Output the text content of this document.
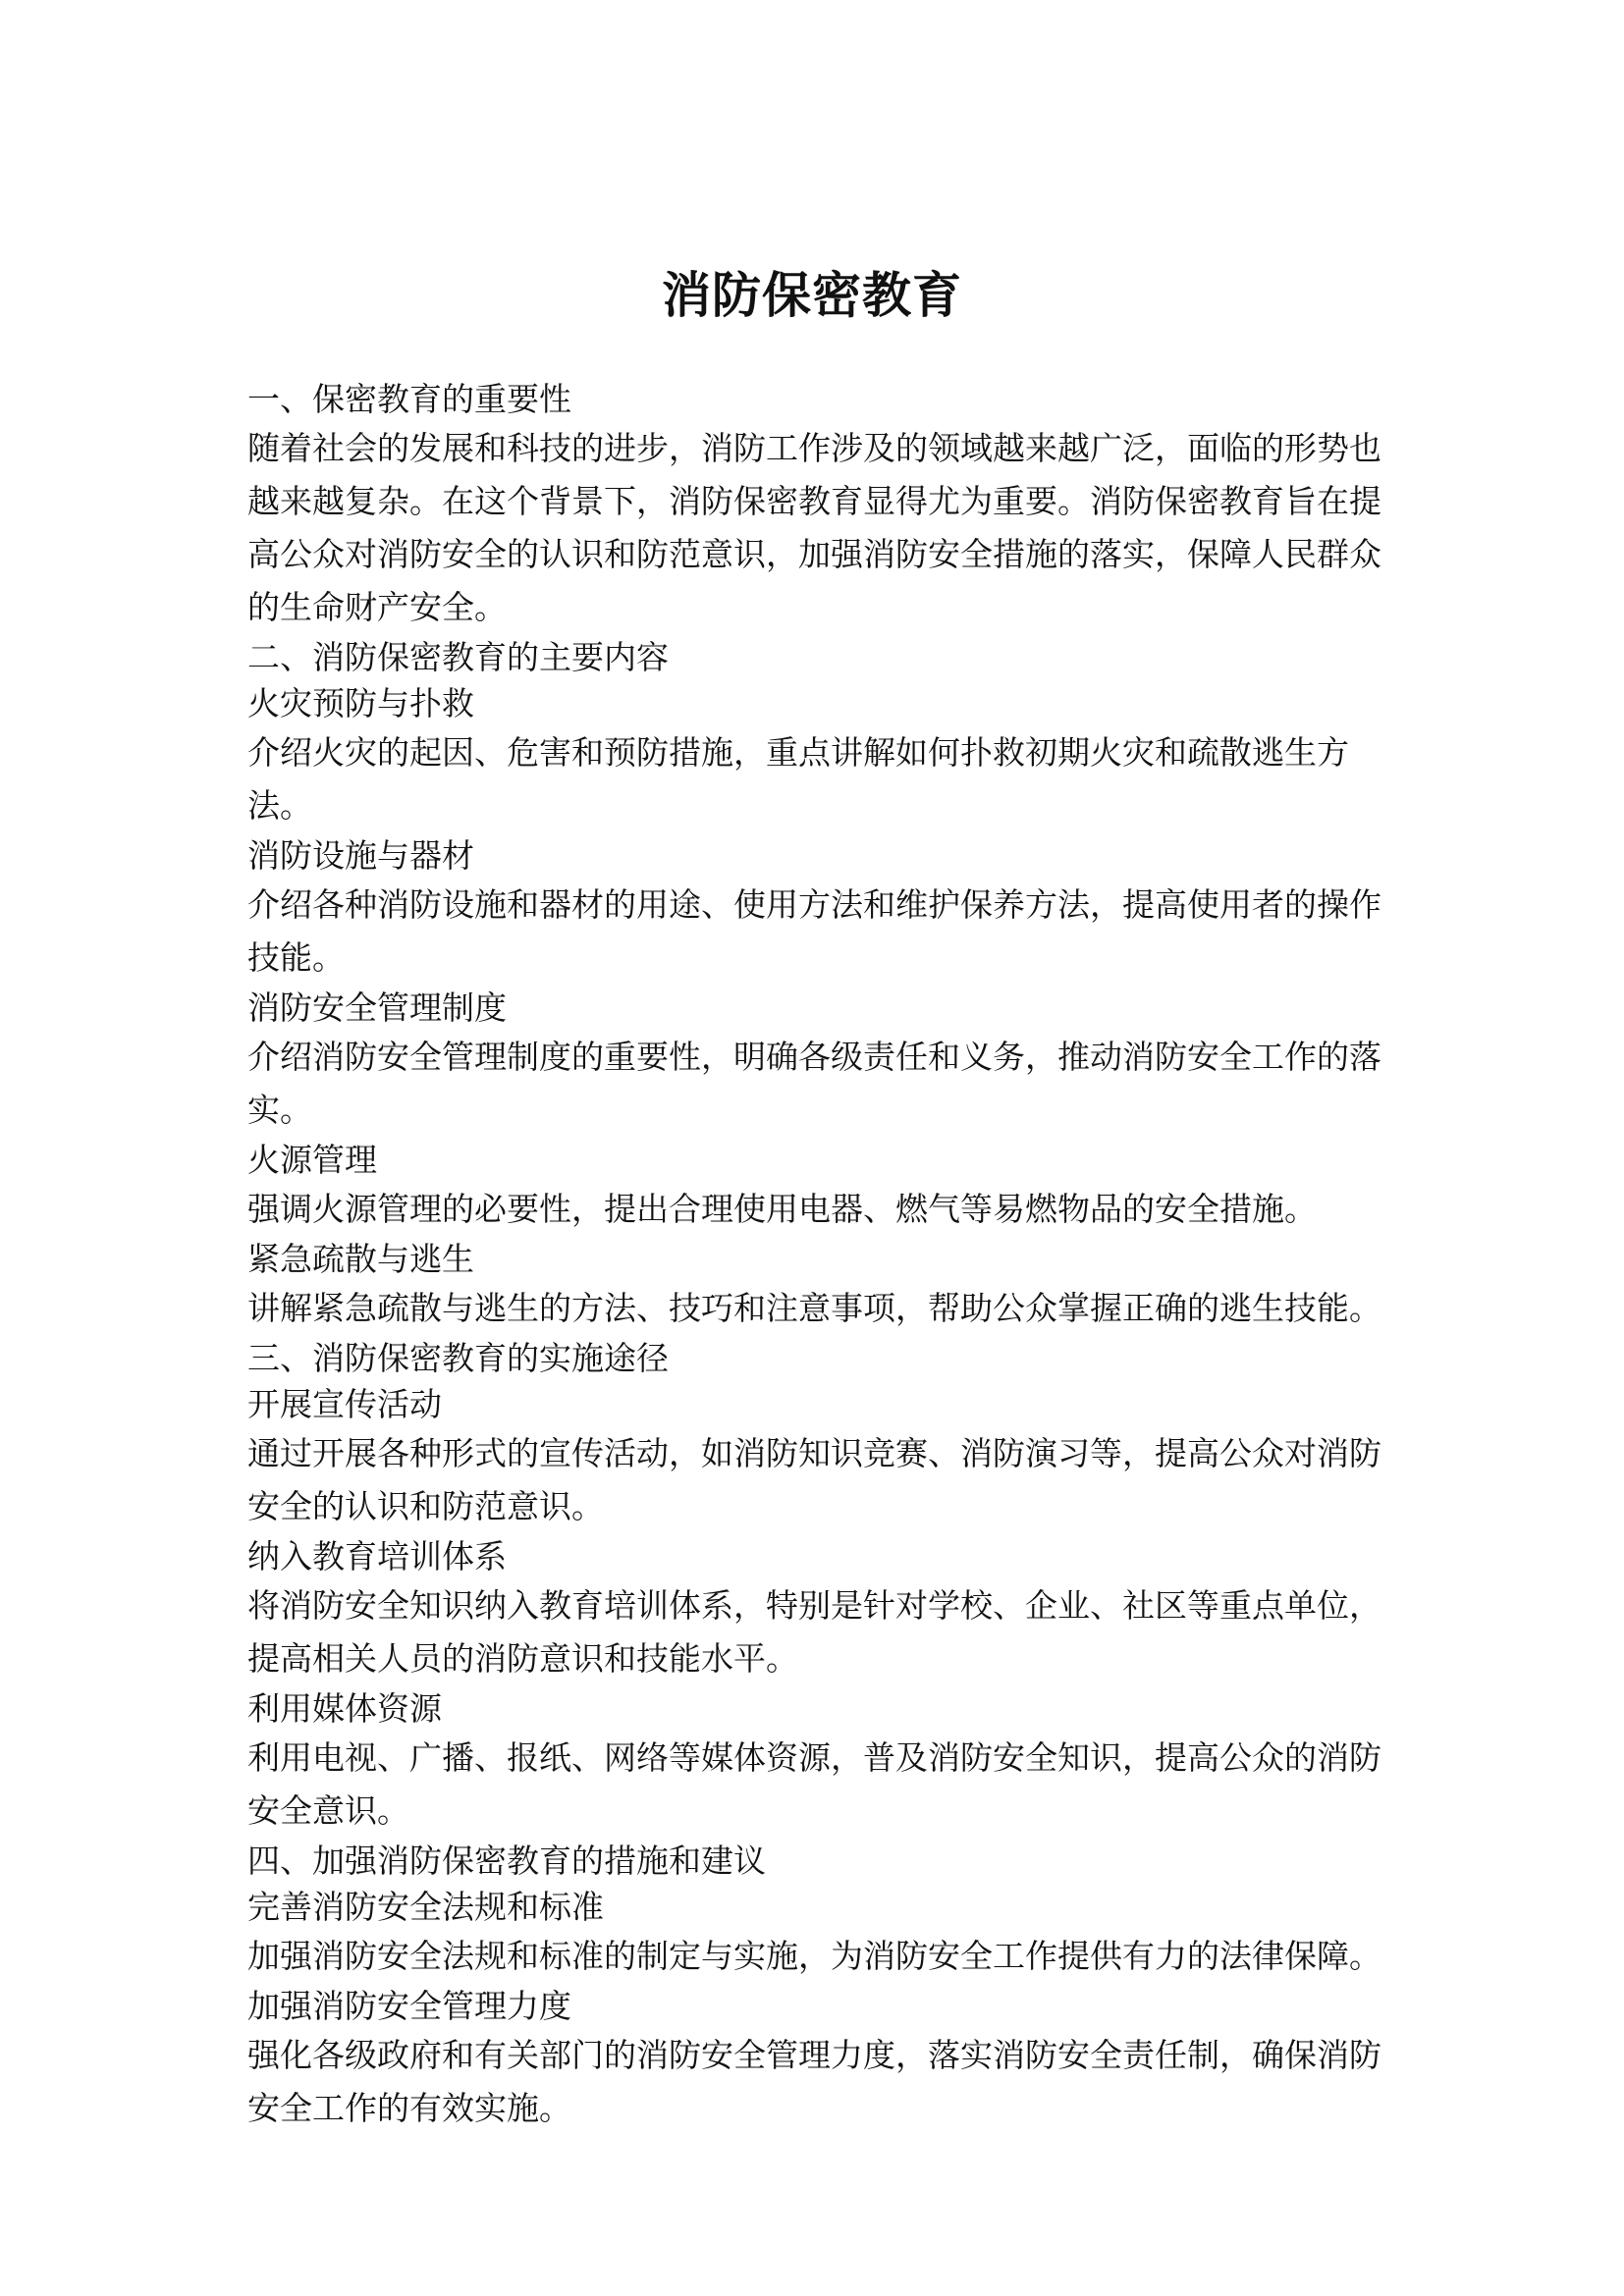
消防保密教育

一、保密教育的重要性

随着社会的发展和科技的进步，消防工作涉及的领域越来越广泛，面临的形势也越来越复杂。在这个背景下，消防保密教育显得尤为重要。消防保密教育旨在提高公众对消防安全的认识和防范意识，加强消防安全措施的落实，保障人民群众的生命财产安全。

二、消防保密教育的主要内容

火灾预防与扑救

介绍火灾的起因、危害和预防措施，重点讲解如何扑救初期火灾和疏散逃生方法。

消防设施与器材

介绍各种消防设施和器材的用途、使用方法和维护保养方法，提高使用者的操作技能。

消防安全管理制度

介绍消防安全管理制度的重要性，明确各级责任和义务，推动消防安全工作的落实。

火源管理

强调火源管理的必要性，提出合理使用电器、燃气等易燃物品的安全措施。

紧急疏散与逃生

讲解紧急疏散与逃生的方法、技巧和注意事项，帮助公众掌握正确的逃生技能。

三、消防保密教育的实施途径

开展宣传活动

通过开展各种形式的宣传活动，如消防知识竞赛、消防演习等，提高公众对消防安全的认识和防范意识。

纳入教育培训体系

将消防安全知识纳入教育培训体系，特别是针对学校、企业、社区等重点单位，提高相关人员的消防意识和技能水平。

利用媒体资源

利用电视、广播、报纸、网络等媒体资源，普及消防安全知识，提高公众的消防安全意识。

四、加强消防保密教育的措施和建议

完善消防安全法规和标准

加强消防安全法规和标准的制定与实施，为消防安全工作提供有力的法律保障。

加强消防安全管理力度

强化各级政府和有关部门的消防安全管理力度，落实消防安全责任制，确保消防安全工作的有效实施。
